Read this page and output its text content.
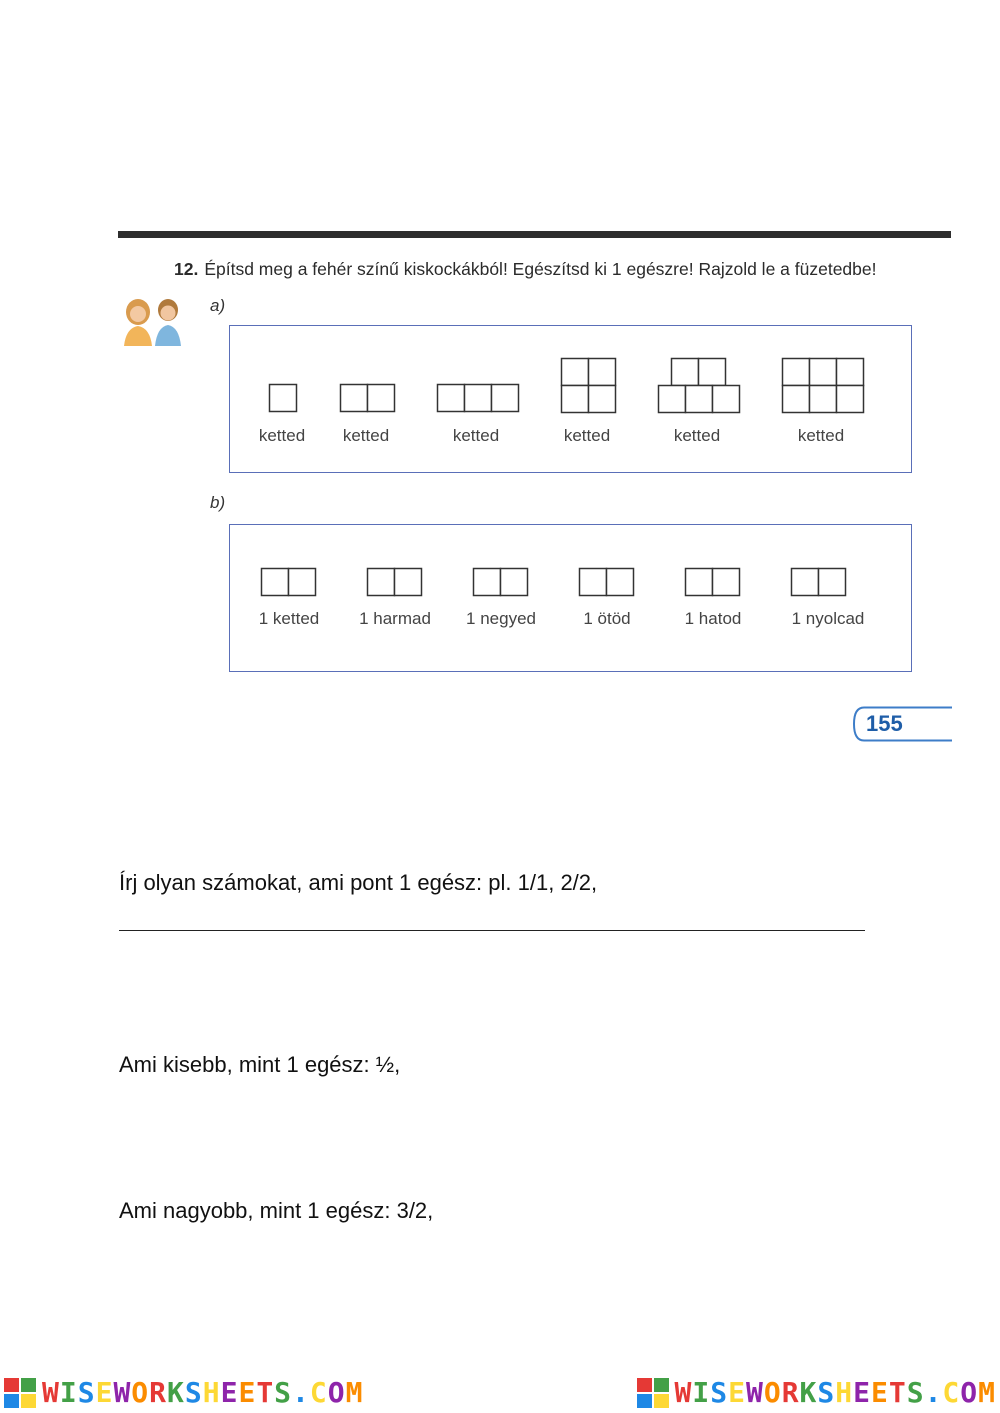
12. Építsd meg a fehér színű kiskockákból! Egészítsd ki 1 egészre! Rajzold le a füzetedbe!
a)
ketted ketted	ketted	ketted	ketted	ketted
b)
1 ketted 1 harmad 1 negyed	1 ötöd	1 hatod	1 nyolcad
155
Írj olyan számokat, ami pont 1 egész: pl. 1/1, 2/2,
Ami kisebb, mint 1 egész: ½,
Ami nagyobb, mint 1 egész: 3/2,
WISEWORKSHEETS.COM	WISEWORKSHEETS.COM
